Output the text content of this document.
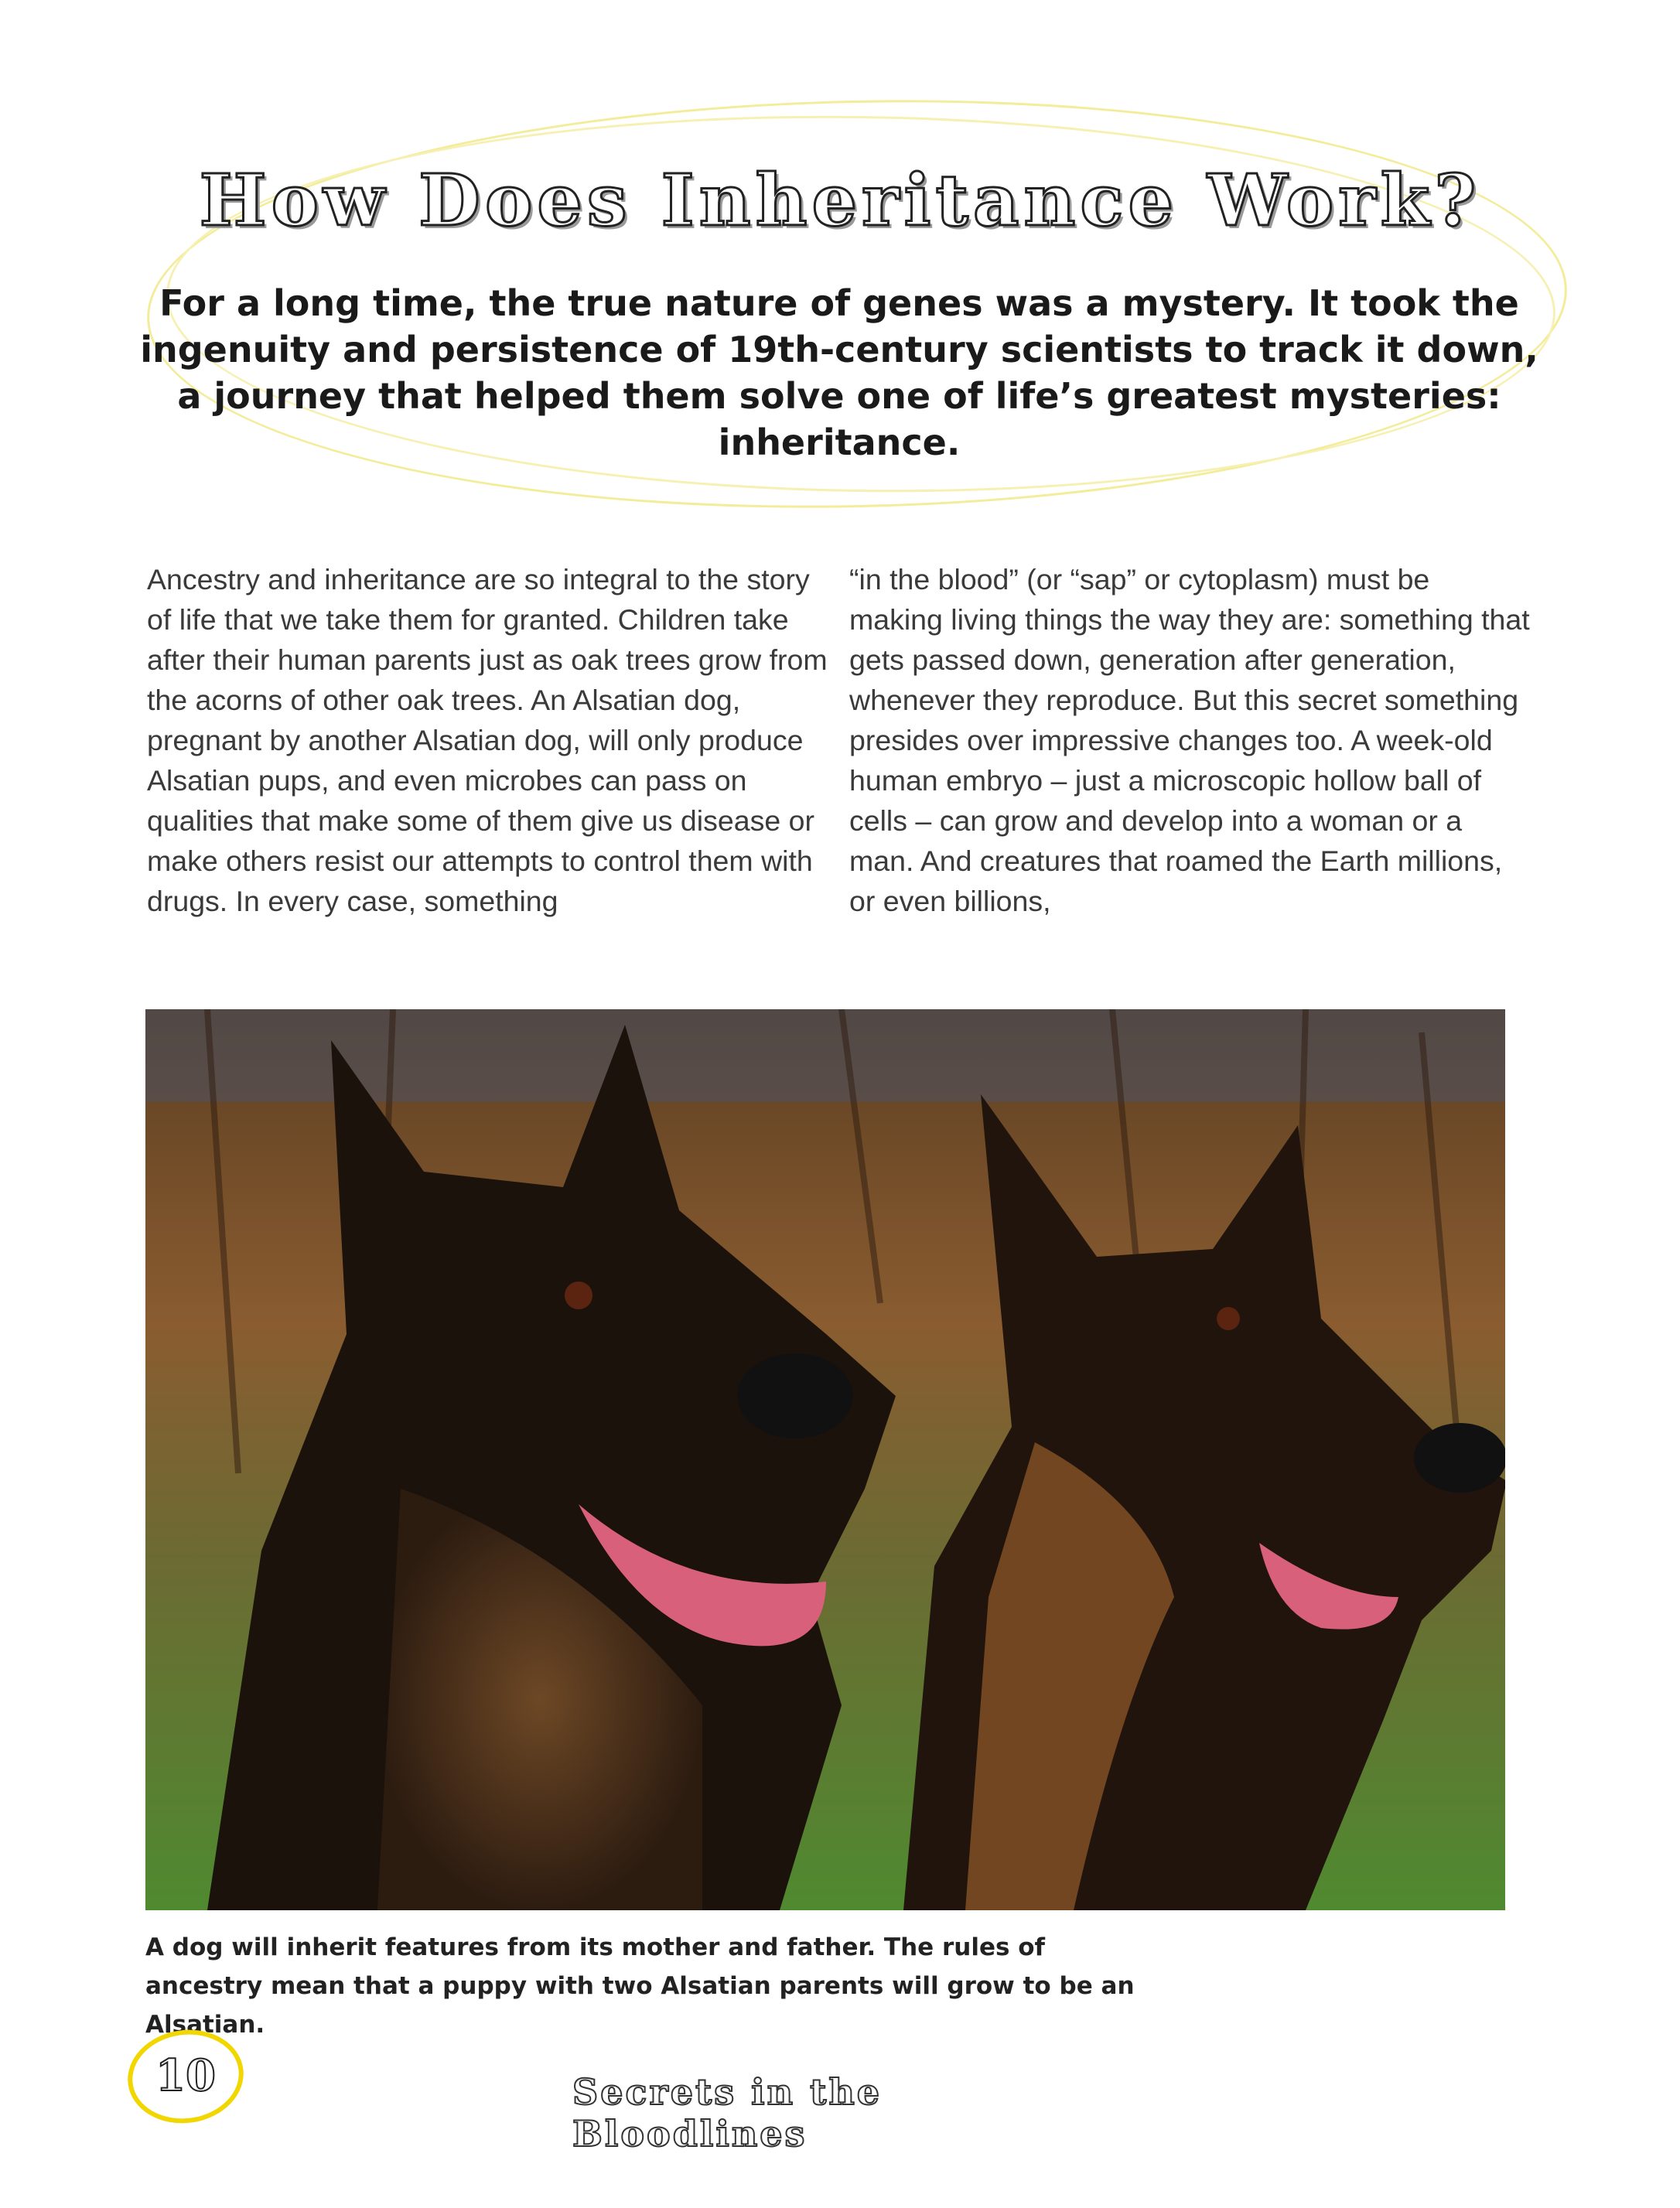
How Does Inheritance Work?

For a long time, the true nature of genes was a mystery. It took the ingenuity and persistence of 19th-century scientists to track it down, a journey that helped them solve one of life’s greatest mysteries: inheritance.

Ancestry and inheritance are so integral to the story of life that we take them for granted. Children take after their human parents just as oak trees grow from the acorns of other oak trees. An Alsatian dog, pregnant by another Alsatian dog, will only produce Alsatian pups, and even microbes can pass on qualities that make some of them give us disease or make others resist our attempts to control them with drugs. In every case, something

“in the blood” (or “sap” or cytoplasm) must be making living things the way they are: something that gets passed down, generation after generation, whenever they reproduce. But this secret something presides over impressive changes too. A week-old human embryo – just a microscopic hollow ball of cells – can grow and develop into a woman or a man. And creatures that roamed the Earth millions, or even billions,

A dog will inherit features from its mother and father. The rules of ancestry mean that a puppy with two Alsatian parents will grow to be an Alsatian.

10	Secrets in the Bloodlines
